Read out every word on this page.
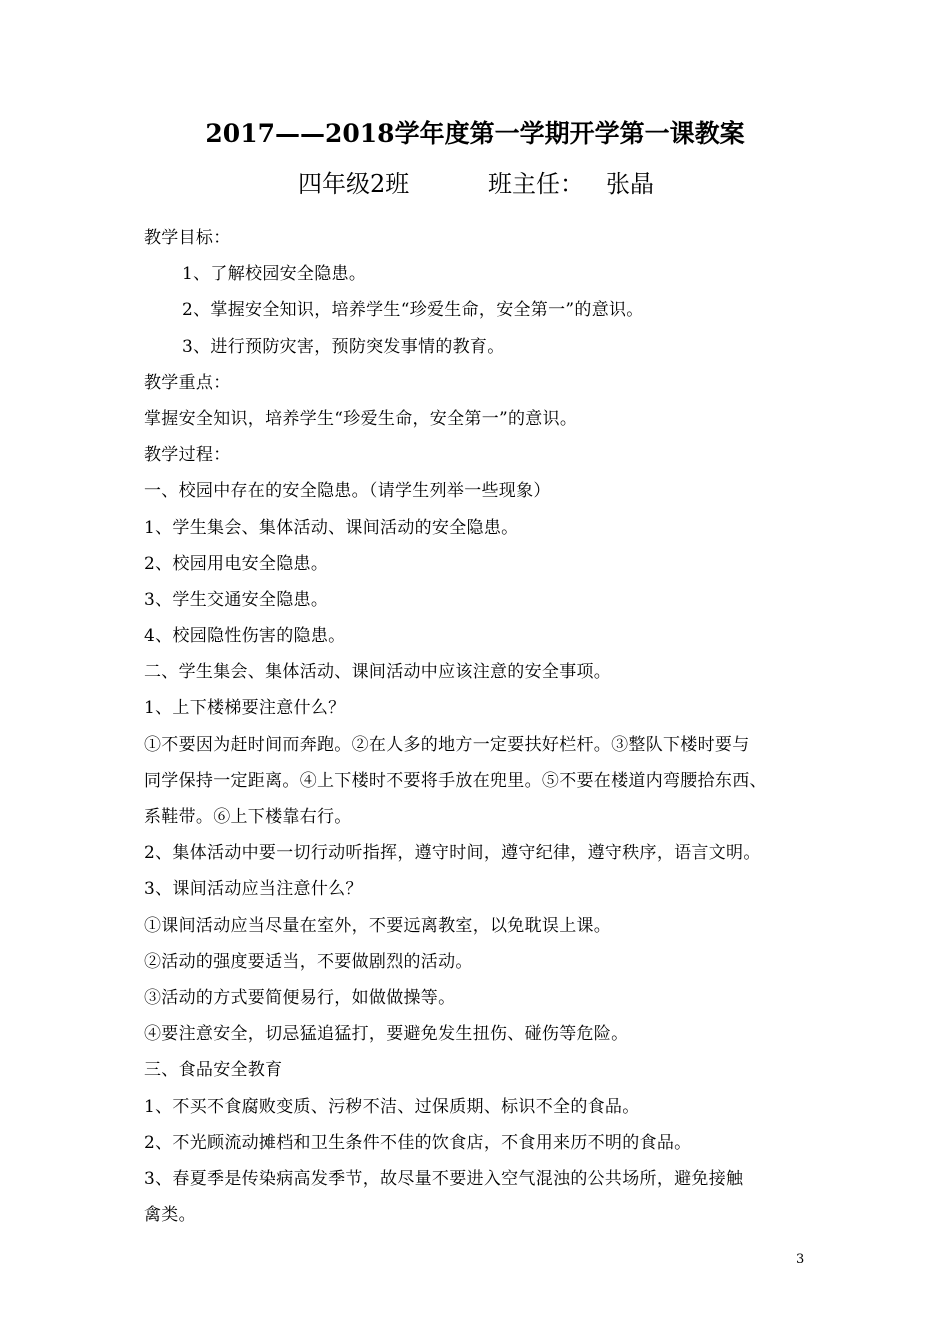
2017——2018学年度第一学期开学第一课教案
四年级2班	班主任： 张晶
教学目标：
1、了解校园安全隐患。
2、掌握安全知识，培养学生“珍爱生命，安全第一”的意识。
3、进行预防灾害，预防突发事情的教育。
教学重点：
掌握安全知识，培养学生“珍爱生命，安全第一”的意识。
教学过程：
一、校园中存在的安全隐患。（请学生列举一些现象）
1、学生集会、集体活动、课间活动的安全隐患。
2、校园用电安全隐患。
3、学生交通安全隐患。
4、校园隐性伤害的隐患。
二、学生集会、集体活动、课间活动中应该注意的安全事项。
1、上下楼梯要注意什么？
①不要因为赶时间而奔跑。②在人多的地方一定要扶好栏杆。③整队下楼时要与
同学保持一定距离。④上下楼时不要将手放在兜里。⑤不要在楼道内弯腰拾东西、
系鞋带。⑥上下楼靠右行。
2、集体活动中要一切行动听指挥，遵守时间，遵守纪律，遵守秩序，语言文明。
3、课间活动应当注意什么？
①课间活动应当尽量在室外，不要远离教室，以免耽误上课。
②活动的强度要适当，不要做剧烈的活动。
③活动的方式要简便易行，如做做操等。
④要注意安全，切忌猛追猛打，要避免发生扭伤、碰伤等危险。
三、食品安全教育
1、不买不食腐败变质、污秽不洁、过保质期、标识不全的食品。
2、不光顾流动摊档和卫生条件不佳的饮食店，不食用来历不明的食品。
3、春夏季是传染病高发季节，故尽量不要进入空气混浊的公共场所，避免接触
禽类。
3
